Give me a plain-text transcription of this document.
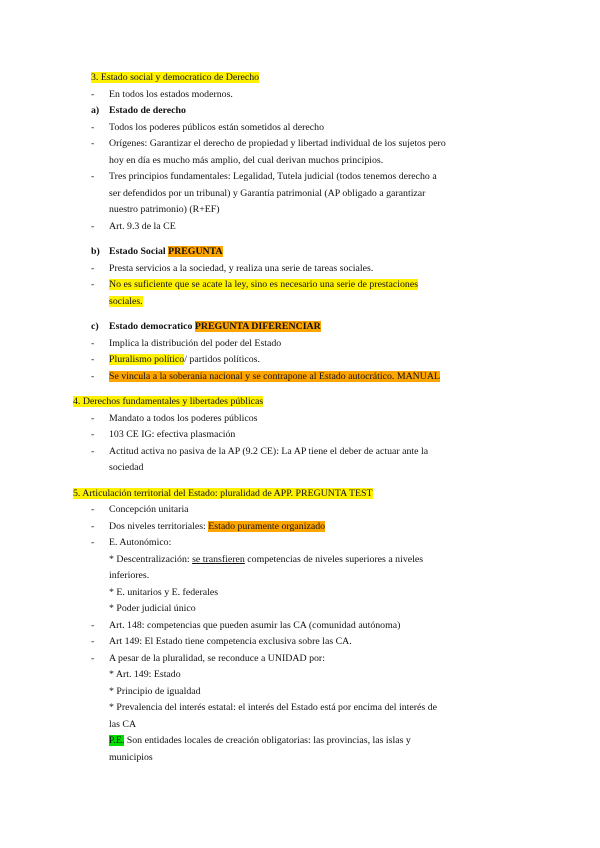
3. Estado social y democratico de Derecho
- En todos los estados modernos.
a) Estado de derecho
- Todos los poderes públicos están sometidos al derecho
- Orígenes: Garantizar el derecho de propiedad y libertad individual de los sujetos pero
hoy en día es mucho más amplio, del cual derivan muchos principios.
- Tres principios fundamentales: Legalidad, Tutela judicial (todos tenemos derecho a
ser defendidos por un tribunal) y Garantía patrimonial (AP obligado a garantizar
nuestro patrimonio) (R+EF)
- Art. 9.3 de la CE
b) Estado Social PREGUNTA
- Presta servicios a la sociedad, y realiza una serie de tareas sociales.
- No es suficiente que se acate la ley, sino es necesario una serie de prestaciones
sociales.
c) Estado democratico PREGUNTA DIFERENCIAR
- Implica la distribución del poder del Estado
- Pluralismo político/ partidos políticos.
- Se vincula a la soberanía nacional y se contrapone al Estado autocrático. MANUAL
4. Derechos fundamentales y libertades públicas
- Mandato a todos los poderes públicos
- 103 CE IG: efectiva plasmación
- Actitud activa no pasiva de la AP (9.2 CE): La AP tiene el deber de actuar ante la
sociedad
5. Articulación territorial del Estado: pluralidad de APP. PREGUNTA TEST
- Concepción unitaria
- Dos niveles territoriales: Estado puramente organizado
- E. Autonómico:
* Descentralización: se transfieren competencias de niveles superiores a niveles
inferiores.
* E. unitarios y E. federales
* Poder judicial único
- Art. 148: competencias que pueden asumir las CA (comunidad autónoma)
- Art 149: El Estado tiene competencia exclusiva sobre las CA.
- A pesar de la pluralidad, se reconduce a UNIDAD por:
* Art. 149: Estado
* Principio de igualdad
* Prevalencia del interés estatal: el interés del Estado está por encima del interés de
las CA
P.E. Son entidades locales de creación obligatorias: las provincias, las islas y
municipios
